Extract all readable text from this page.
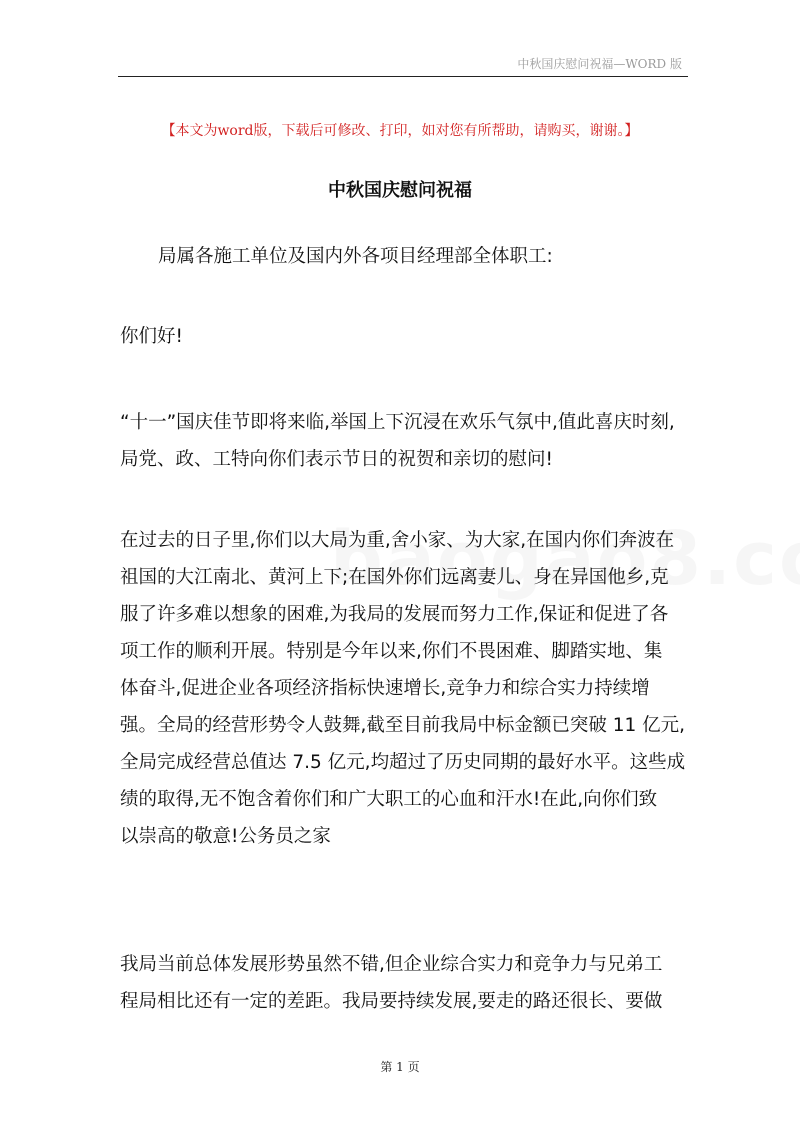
中秋国庆慰问祝福—WORD 版
【本文为word版，下载后可修改、打印，如对您有所帮助，请购买，谢谢。】
中秋国庆慰问祝福
局属各施工单位及国内外各项目经理部全体职工:
你们好!
“十一”国庆佳节即将来临,举国上下沉浸在欢乐气氛中,值此喜庆时刻,
局党、政、工特向你们表示节日的祝贺和亲切的慰问!
在过去的日子里,你们以大局为重,舍小家、为大家,在国内你们奔波在
祖国的大江南北、黄河上下;在国外你们远离妻儿、身在异国他乡,克
服了许多难以想象的困难,为我局的发展而努力工作,保证和促进了各
项工作的顺利开展。特别是今年以来,你们不畏困难、脚踏实地、集
体奋斗,促进企业各项经济指标快速增长,竞争力和综合实力持续增
强。全局的经营形势令人鼓舞,截至目前我局中标金额已突破 11 亿元,
全局完成经营总值达 7.5 亿元,均超过了历史同期的最好水平。这些成
绩的取得,无不饱含着你们和广大职工的心血和汗水!在此,向你们致
以崇高的敬意!公务员之家
我局当前总体发展形势虽然不错,但企业综合实力和竞争力与兄弟工
程局相比还有一定的差距。我局要持续发展,要走的路还很长、要做
第 1 页
